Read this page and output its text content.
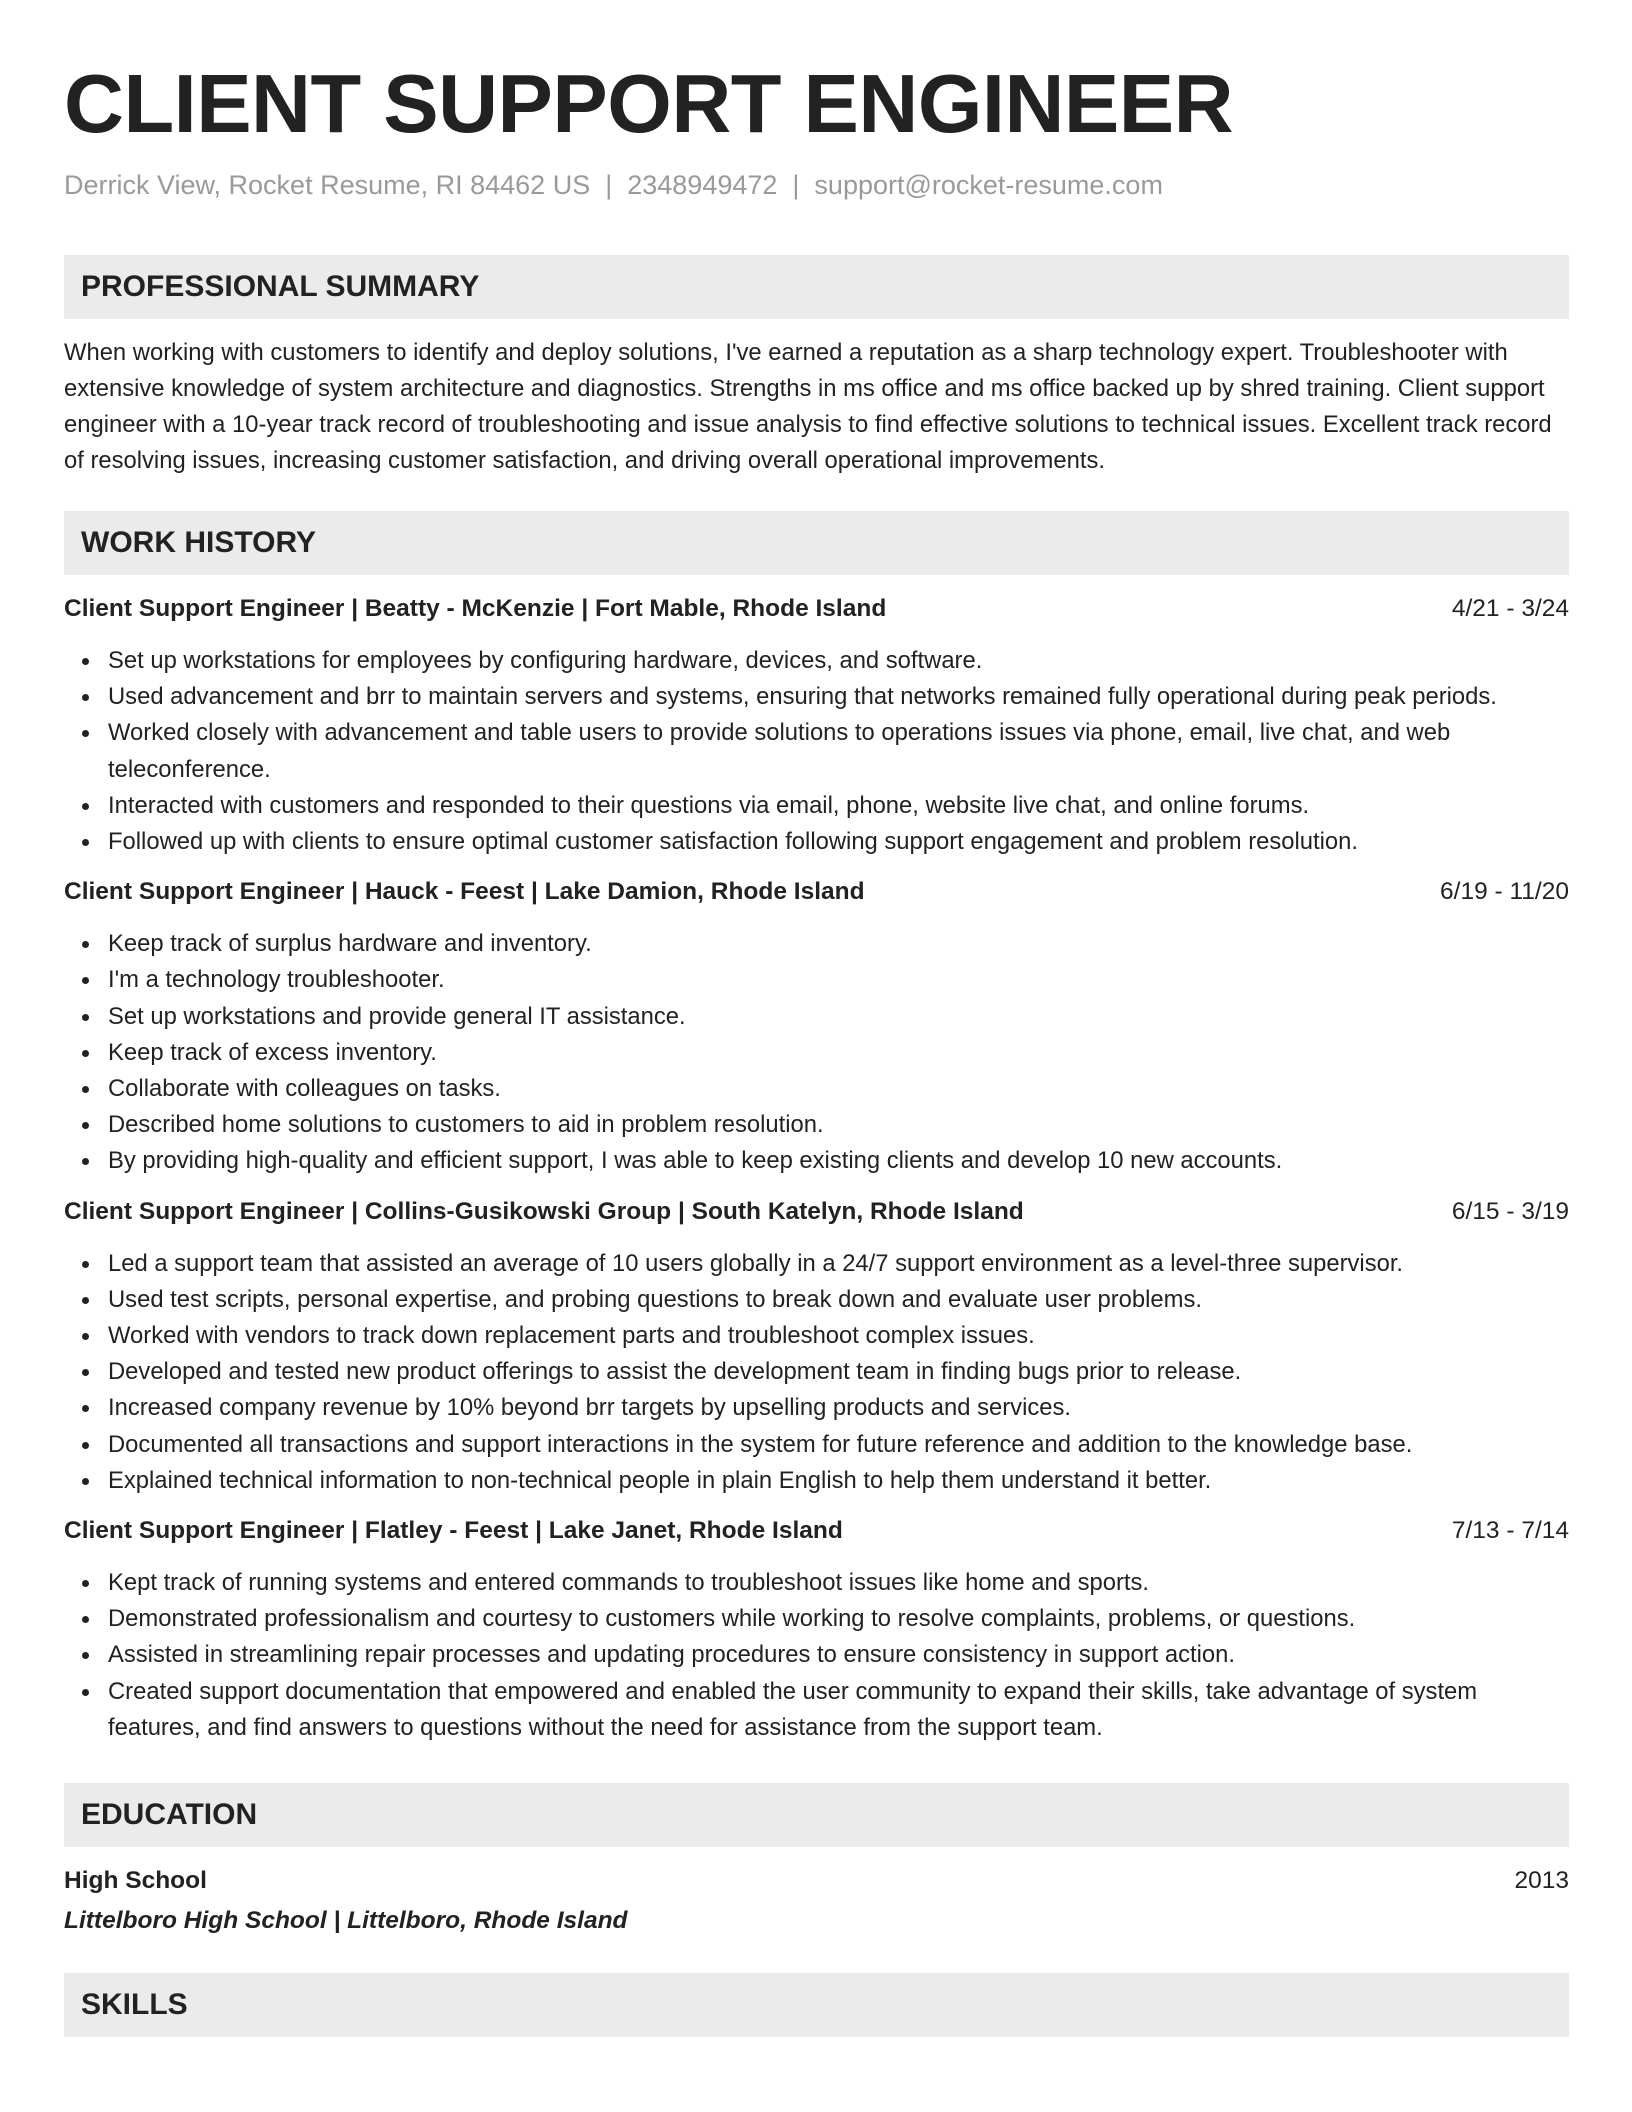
CLIENT SUPPORT ENGINEER
Derrick View, Rocket Resume, RI 84462 US | 2348949472 | support@rocket-resume.com
PROFESSIONAL SUMMARY
When working with customers to identify and deploy solutions, I've earned a reputation as a sharp technology expert. Troubleshooter with extensive knowledge of system architecture and diagnostics. Strengths in ms office and ms office backed up by shred training. Client support engineer with a 10-year track record of troubleshooting and issue analysis to find effective solutions to technical issues. Excellent track record of resolving issues, increasing customer satisfaction, and driving overall operational improvements.
WORK HISTORY
Client Support Engineer | Beatty - McKenzie | Fort Mable, Rhode Island	4/21 - 3/24
Set up workstations for employees by configuring hardware, devices, and software.
Used advancement and brr to maintain servers and systems, ensuring that networks remained fully operational during peak periods.
Worked closely with advancement and table users to provide solutions to operations issues via phone, email, live chat, and web teleconference.
Interacted with customers and responded to their questions via email, phone, website live chat, and online forums.
Followed up with clients to ensure optimal customer satisfaction following support engagement and problem resolution.
Client Support Engineer | Hauck - Feest | Lake Damion, Rhode Island	6/19 - 11/20
Keep track of surplus hardware and inventory.
I'm a technology troubleshooter.
Set up workstations and provide general IT assistance.
Keep track of excess inventory.
Collaborate with colleagues on tasks.
Described home solutions to customers to aid in problem resolution.
By providing high-quality and efficient support, I was able to keep existing clients and develop 10 new accounts.
Client Support Engineer | Collins-Gusikowski Group | South Katelyn, Rhode Island	6/15 - 3/19
Led a support team that assisted an average of 10 users globally in a 24/7 support environment as a level-three supervisor.
Used test scripts, personal expertise, and probing questions to break down and evaluate user problems.
Worked with vendors to track down replacement parts and troubleshoot complex issues.
Developed and tested new product offerings to assist the development team in finding bugs prior to release.
Increased company revenue by 10% beyond brr targets by upselling products and services.
Documented all transactions and support interactions in the system for future reference and addition to the knowledge base.
Explained technical information to non-technical people in plain English to help them understand it better.
Client Support Engineer | Flatley - Feest | Lake Janet, Rhode Island	7/13 - 7/14
Kept track of running systems and entered commands to troubleshoot issues like home and sports.
Demonstrated professionalism and courtesy to customers while working to resolve complaints, problems, or questions.
Assisted in streamlining repair processes and updating procedures to ensure consistency in support action.
Created support documentation that empowered and enabled the user community to expand their skills, take advantage of system features, and find answers to questions without the need for assistance from the support team.
EDUCATION
High School	2013
Littelboro High School | Littelboro, Rhode Island
SKILLS
